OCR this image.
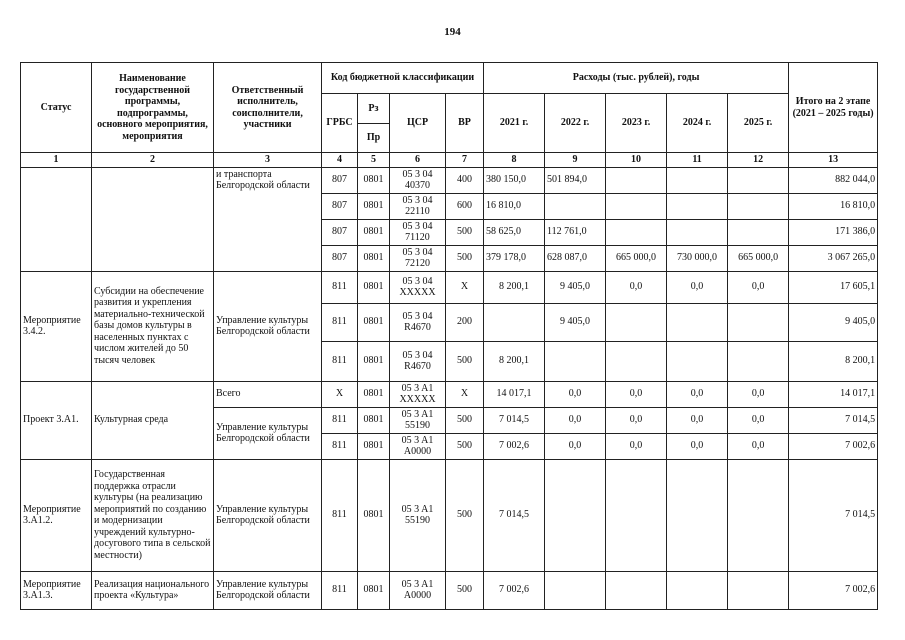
194
Статус	Наименование государственной программы, подпрограммы, основного мероприятия, мероприятия	Ответственный исполнитель, соисполнители, участники	Код бюджетной классификации				Расходы (тыс. рублей), годы					Итого на 2 этапе (2021 – 2025 годы)
			ГРБС	Рз	ЦСР	ВР	2021 г.	2022 г.	2023 г.	2024 г.	2025 г.	
				Пр								
1	2	3	4	5	6	7	8	9	10	11	12	13
		и транспорта Белгородской области	807	0801	05 3 04 40370	400	380 150,0	501 894,0				882 044,0
			807	0801	05 3 04 22110	600	16 810,0					16 810,0
			807	0801	05 3 04 71120	500	58 625,0	112 761,0				171 386,0
			807	0801	05 3 04 72120	500	379 178,0	628 087,0	665 000,0	730 000,0	665 000,0	3 067 265,0
Мероприятие 3.4.2.	Субсидии на обеспечение развития и укрепления материально-технической базы домов культуры в населенных пунктах с числом жителей до 50 тысяч человек	Управление культуры Белгородской области	811	0801	05 3 04 XXXXX	X	8 200,1	9 405,0	0,0	0,0	0,0	17 605,1
			811	0801	05 3 04 R4670	200		9 405,0				9 405,0
			811	0801	05 3 04 R4670	500	8 200,1					8 200,1
Проект 3.А1.	Культурная среда	Всего	X	0801	05 3 A1 XXXXX	X	14 017,1	0,0	0,0	0,0	0,0	14 017,1
		Управление культуры Белгородской области	811	0801	05 3 A1 55190	500	7 014,5	0,0	0,0	0,0	0,0	7 014,5
			811	0801	05 3 A1 A0000	500	7 002,6	0,0	0,0	0,0	0,0	7 002,6
Мероприятие 3.А1.2.	Государственная поддержка отрасли культуры (на реализацию мероприятий по созданию и модернизации учреждений культурно-досугового типа в сельской местности)	Управление культуры Белгородской области	811	0801	05 3 A1 55190	500	7 014,5					7 014,5
Мероприятие 3.А1.3.	Реализация национального проекта «Культура»	Управление культуры Белгородской области	811	0801	05 3 A1 A0000	500	7 002,6					7 002,6
